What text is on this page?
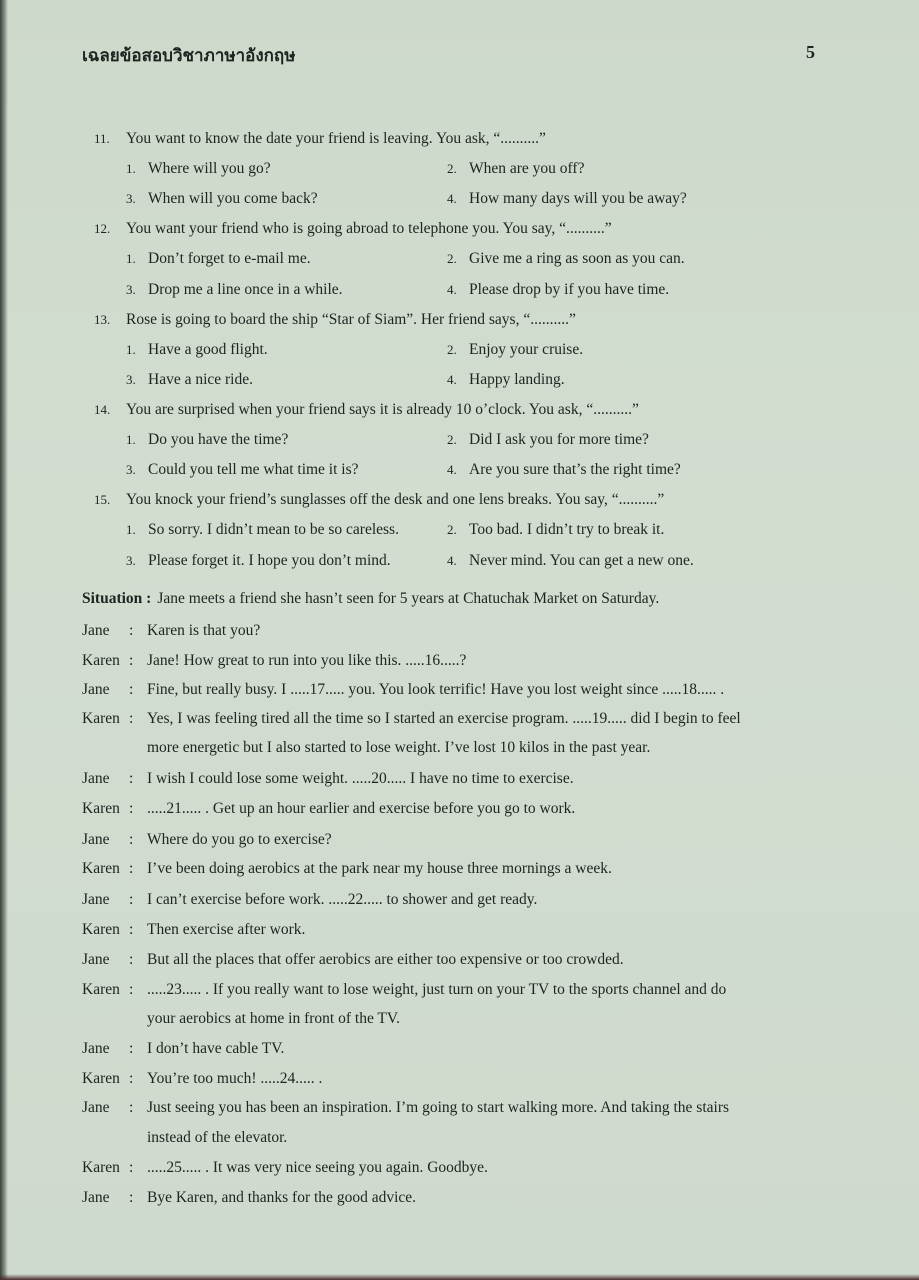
เฉลยข้อสอบวิชาภาษาอังกฤษ	5
11. You want to know the date your friend is leaving. You ask, “..........”
1. Where will you go?	2. When are you off?
3. When will you come back?	4. How many days will you be away?
12. You want your friend who is going abroad to telephone you. You say, “..........”
1. Don’t forget to e-mail me.	2. Give me a ring as soon as you can.
3. Drop me a line once in a while.	4. Please drop by if you have time.
13. Rose is going to board the ship “Star of Siam”. Her friend says, “..........”
1. Have a good flight.	2. Enjoy your cruise.
3. Have a nice ride.	4. Happy landing.
14. You are surprised when your friend says it is already 10 o’clock. You ask, “..........”
1. Do you have the time?	2. Did I ask you for more time?
3. Could you tell me what time it is?	4. Are you sure that’s the right time?
15. You knock your friend’s sunglasses off the desk and one lens breaks. You say, “..........”
1. So sorry. I didn’t mean to be so careless.	2. Too bad. I didn’t try to break it.
3. Please forget it. I hope you don’t mind.	4. Never mind. You can get a new one.
Situation : Jane meets a friend she hasn’t seen for 5 years at Chatuchak Market on Saturday.
Jane : Karen is that you?
Karen : Jane! How great to run into you like this. .....16.....?
Jane : Fine, but really busy. I .....17..... you. You look terrific! Have you lost weight since .....18..... .
Karen : Yes, I was feeling tired all the time so I started an exercise program. .....19..... did I begin to feel
more energetic but I also started to lose weight. I’ve lost 10 kilos in the past year.
Jane : I wish I could lose some weight. .....20..... I have no time to exercise.
Karen : .....21..... . Get up an hour earlier and exercise before you go to work.
Jane : Where do you go to exercise?
Karen : I’ve been doing aerobics at the park near my house three mornings a week.
Jane : I can’t exercise before work. .....22..... to shower and get ready.
Karen : Then exercise after work.
Jane : But all the places that offer aerobics are either too expensive or too crowded.
Karen : .....23..... . If you really want to lose weight, just turn on your TV to the sports channel and do
your aerobics at home in front of the TV.
Jane : I don’t have cable TV.
Karen : You’re too much! .....24..... .
Jane : Just seeing you has been an inspiration. I’m going to start walking more. And taking the stairs
instead of the elevator.
Karen : .....25..... . It was very nice seeing you again. Goodbye.
Jane : Bye Karen, and thanks for the good advice.
